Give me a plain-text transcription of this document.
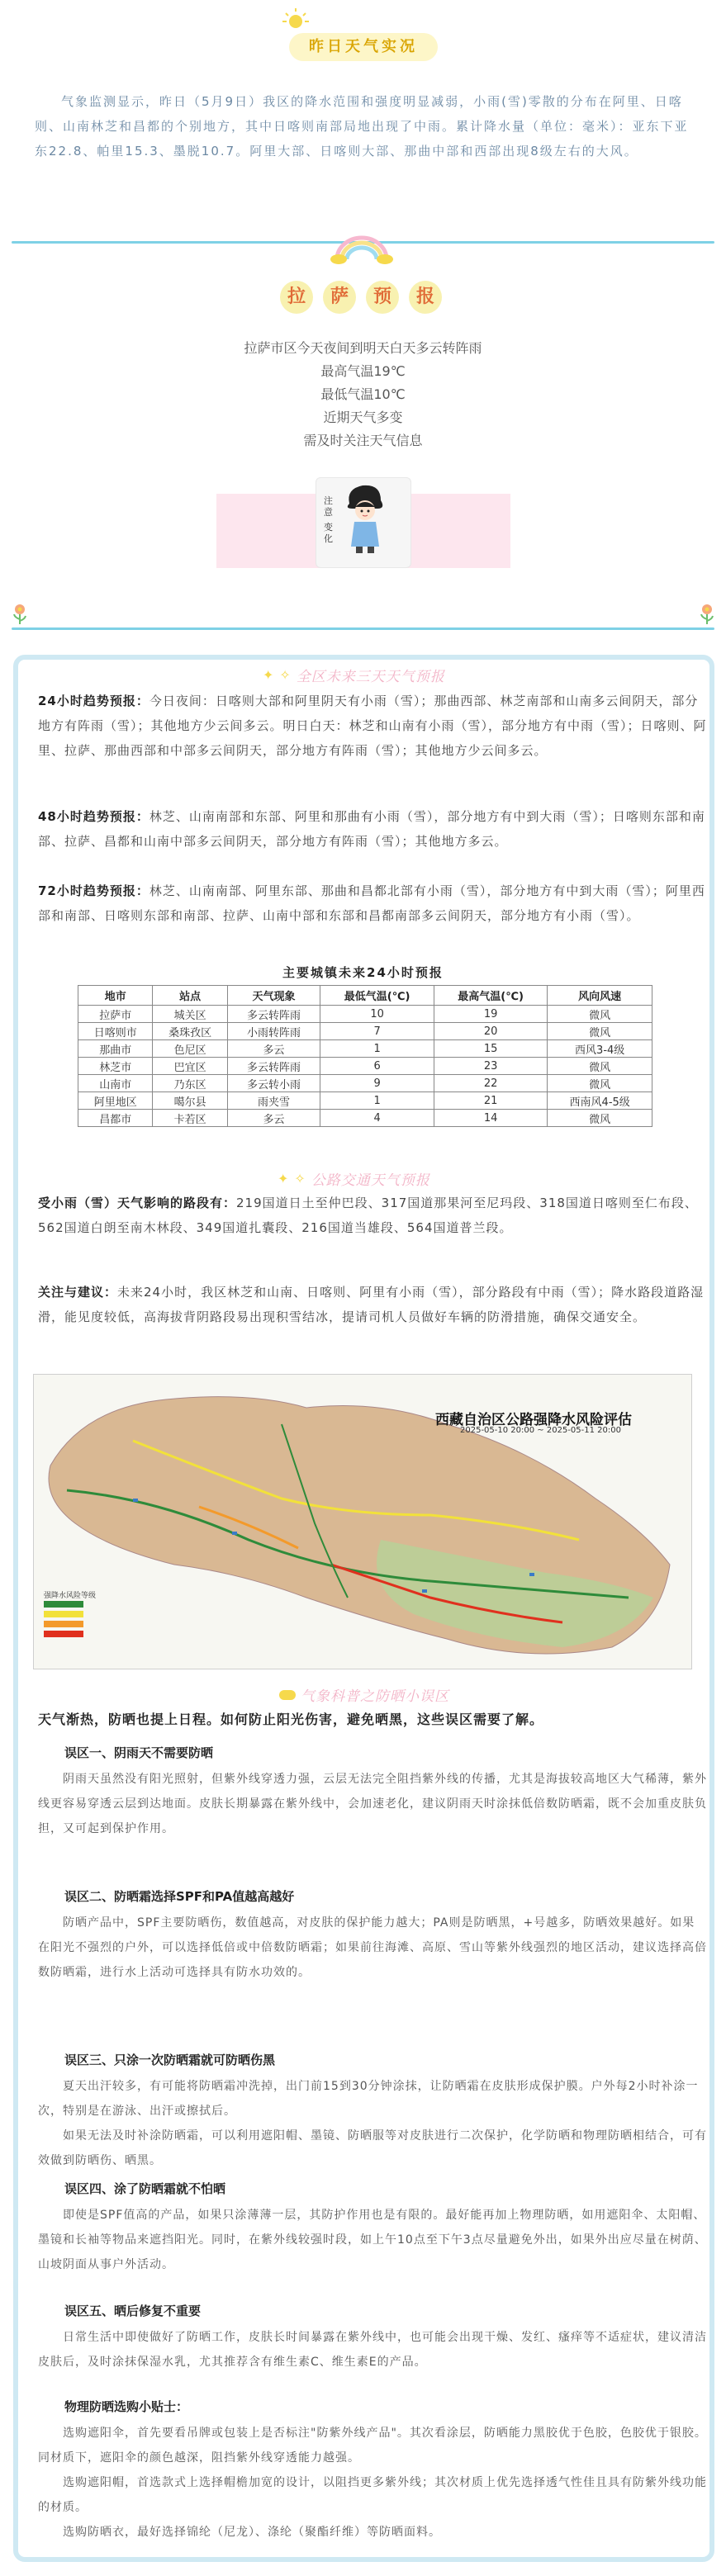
昨日天气实况
气象监测显示，昨日（5月9日）我区的降水范围和强度明显减弱，小雨(雪)零散的分布在阿里、日喀则、山南林芝和昌都的个别地方，其中日喀则南部局地出现了中雨。累计降水量（单位：毫米）：亚东下亚东22.8、帕里15.3、墨脱10.7。阿里大部、日喀则大部、那曲中部和西部出现8级左右的大风。
拉	萨	预	报
拉萨市区今天夜间到明天白天多云转阵雨
最高气温19℃
最低气温10℃
近期天气多变
需及时关注天气信息
注
意
变
化
✦ ✧ 全区未来三天天气预报
24小时趋势预报：今日夜间：日喀则大部和阿里阴天有小雨（雪）；那曲西部、林芝南部和山南多云间阴天，部分地方有阵雨（雪）；其他地方少云间多云。明日白天：林芝和山南有小雨（雪），部分地方有中雨（雪）；日喀则、阿里、拉萨、那曲西部和中部多云间阴天，部分地方有阵雨（雪）；其他地方少云间多云。
48小时趋势预报：林芝、山南南部和东部、阿里和那曲有小雨（雪），部分地方有中到大雨（雪）；日喀则东部和南部、拉萨、昌都和山南中部多云间阴天，部分地方有阵雨（雪）；其他地方多云。
72小时趋势预报：林芝、山南南部、阿里东部、那曲和昌都北部有小雨（雪），部分地方有中到大雨（雪）；阿里西部和南部、日喀则东部和南部、拉萨、山南中部和东部和昌都南部多云间阴天，部分地方有小雨（雪）。
主要城镇未来24小时预报
地市	站点	天气现象	最低气温(℃)	最高气温(℃)	风向风速
拉萨市	城关区	多云转阵雨	10	19	微风
日喀则市	桑珠孜区	小雨转阵雨	7	20	微风
那曲市	色尼区	多云	1	15	西风3-4级
林芝市	巴宜区	多云转阵雨	6	23	微风
山南市	乃东区	多云转小雨	9	22	微风
阿里地区	噶尔县	雨夹雪	1	21	西南风4-5级
昌都市	卡若区	多云	4	14	微风
✦ ✧ 公路交通天气预报
受小雨（雪）天气影响的路段有：219国道日土至仲巴段、317国道那果河至尼玛段、318国道日喀则至仁布段、562国道白朗至南木林段、349国道扎囊段、216国道当雄段、564国道普兰段。
关注与建议：未来24小时，我区林芝和山南、日喀则、阿里有小雨（雪），部分路段有中雨（雪）；降水路段道路湿滑，能见度较低，高海拔背阴路段易出现积雪结冰，提请司机人员做好车辆的防滑措施，确保交通安全。
西藏自治区公路强降水风险评估
2025-05-10 20:00 ~ 2025-05-11 20:00
强降水风险等级
气象科普之防晒小误区
天气渐热，防晒也提上日程。如何防止阳光伤害，避免晒黑，这些误区需要了解。
误区一、阴雨天不需要防晒
阴雨天虽然没有阳光照射，但紫外线穿透力强，云层无法完全阻挡紫外线的传播，尤其是海拔较高地区大气稀薄，紫外线更容易穿透云层到达地面。皮肤长期暴露在紫外线中，会加速老化，建议阴雨天时涂抹低倍数防晒霜，既不会加重皮肤负担，又可起到保护作用。
误区二、防晒霜选择SPF和PA值越高越好
防晒产品中，SPF主要防晒伤，数值越高，对皮肤的保护能力越大；PA则是防晒黑，+号越多，防晒效果越好。如果在阳光不强烈的户外，可以选择低倍或中倍数防晒霜；如果前往海滩、高原、雪山等紫外线强烈的地区活动，建议选择高倍数防晒霜，进行水上活动可选择具有防水功效的。
误区三、只涂一次防晒霜就可防晒伤黑
夏天出汗较多，有可能将防晒霜冲洗掉，出门前15到30分钟涂抹，让防晒霜在皮肤形成保护膜。户外每2小时补涂一次，特别是在游泳、出汗或擦拭后。
如果无法及时补涂防晒霜，可以利用遮阳帽、墨镜、防晒服等对皮肤进行二次保护，化学防晒和物理防晒相结合，可有效做到防晒伤、晒黑。
误区四、涂了防晒霜就不怕晒
即使是SPF值高的产品，如果只涂薄薄一层，其防护作用也是有限的。最好能再加上物理防晒，如用遮阳伞、太阳帽、墨镜和长袖等物品来遮挡阳光。同时，在紫外线较强时段，如上午10点至下午3点尽量避免外出，如果外出应尽量在树荫、山坡阴面从事户外活动。
误区五、晒后修复不重要
日常生活中即使做好了防晒工作，皮肤长时间暴露在紫外线中，也可能会出现干燥、发红、瘙痒等不适症状，建议清洁皮肤后，及时涂抹保湿水乳，尤其推荐含有维生素C、维生素E的产品。
物理防晒选购小贴士：
选购遮阳伞，首先要看吊牌或包装上是否标注"防紫外线产品"。其次看涂层，防晒能力黑胶优于色胶，色胶优于银胶。同材质下，遮阳伞的颜色越深，阻挡紫外线穿透能力越强。
选购遮阳帽，首选款式上选择帽檐加宽的设计，以阻挡更多紫外线；其次材质上优先选择透气性佳且具有防紫外线功能的材质。
选购防晒衣，最好选择锦纶（尼龙）、涤纶（聚酯纤维）等防晒面料。
